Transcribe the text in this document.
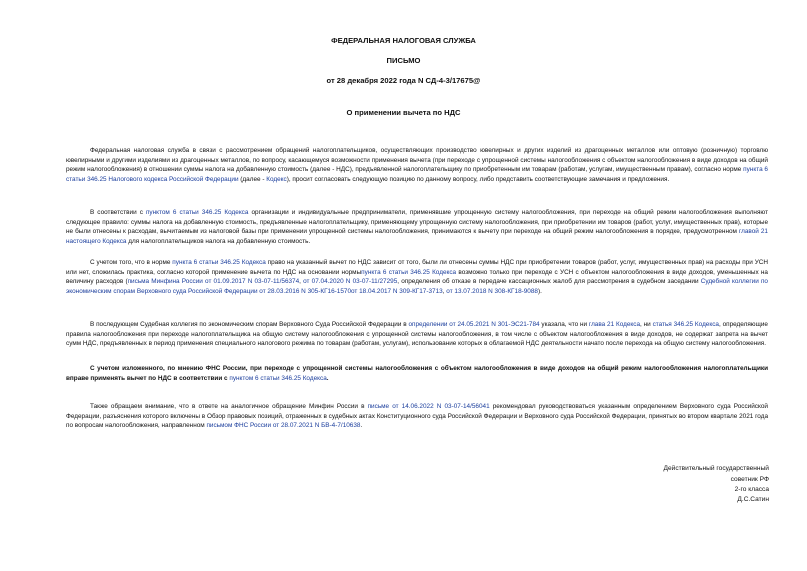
ФЕДЕРАЛЬНАЯ НАЛОГОВАЯ СЛУЖБА
ПИСЬМО
от 28 декабря 2022 года N СД-4-3/17675@
О применении вычета по НДС
Федеральная налоговая служба в связи с рассмотрением обращений налогоплательщиков, осуществляющих производство ювелирных и других изделий из драгоценных металлов или оптовую (розничную) торговлю ювелирными и другими изделиями из драгоценных металлов, по вопросу, касающемуся возможности применения вычета (при переходе с упрощенной системы налогообложения с объектом налогообложения в виде доходов на общий режим налогообложения) в отношении суммы налога на добавленную стоимость (далее - НДС), предъявленной налогоплательщику по приобретенным им товарам (работам, услугам, имущественным правам), согласно норме пункта 6 статьи 346.25 Налогового кодекса Российской Федерации (далее - Кодекс), просит согласовать следующую позицию по данному вопросу, либо представить соответствующие замечания и предложения.
В соответствии с пунктом 6 статьи 346.25 Кодекса организации и индивидуальные предприниматели, применявшие упрощенную систему налогообложения, при переходе на общий режим налогообложения выполняют следующее правило: суммы налога на добавленную стоимость, предъявленные налогоплательщику, применяющему упрощенную систему налогообложения, при приобретении им товаров (работ, услуг, имущественных прав), которые не были отнесены к расходам, вычитаемым из налоговой базы при применении упрощенной системы налогообложения, принимаются к вычету при переходе на общий режим налогообложения в порядке, предусмотренном главой 21 настоящего Кодекса для налогоплательщиков налога на добавленную стоимость.
С учетом того, что в норме пункта 6 статьи 346.25 Кодекса право на указанный вычет по НДС зависит от того, были ли отнесены суммы НДС при приобретении товаров (работ, услуг, имущественных прав) на расходы при УСН или нет, сложилась практика, согласно которой применение вычета по НДС на основании нормыпункта 6 статьи 346.25 Кодекса возможно только при переходе с УСН с объектом налогообложения в виде доходов, уменьшенных на величину расходов (письма Минфина России от 01.09.2017 N 03-07-11/56374, от 07.04.2020 N 03-07-11/27295, определения об отказе в передаче кассационных жалоб для рассмотрения в судебном заседании Судебной коллегии по экономическим спорам Верховного суда Российской Федерации от 28.03.2016 N 305-КГ16-1570от 18.04.2017 N 309-КГ17-3713, от 13.07.2018 N 308-КГ18-9088).
В последующем Судебная коллегия по экономическим спорам Верховного Суда Российской Федерации в определении от 24.05.2021 N 301-ЭС21-784 указала, что ни глава 21 Кодекса, ни статья 346.25 Кодекса, определяющие правила налогообложения при переходе налогоплательщика на общую систему налогообложения с упрощенной системы налогообложения, в том числе с объектом налогообложения в виде доходов, не содержат запрета на вычет сумм НДС, предъявленных в период применения специального налогового режима по товарам (работам, услугам), использование которых в облагаемой НДС деятельности начато после перехода на общую систему налогообложения.
С учетом изложенного, по мнению ФНС России, при переходе с упрощенной системы налогообложения с объектом налогообложения в виде доходов на общий режим налогообложения налогоплательщики вправе применять вычет по НДС в соответствии с пунктом 6 статьи 346.25 Кодекса.
Также обращаем внимание, что в ответе на аналогичное обращение Минфин России в письме от 14.06.2022 N 03-07-14/56041 рекомендовал руководствоваться указанным определением Верховного суда Российской Федерации, разъяснения которого включены в Обзор правовых позиций, отраженных в судебных актах Конституционного суда Российской Федерации и Верховного суда Российской Федерации, принятых во втором квартале 2021 года по вопросам налогообложения, направленном письмом ФНС России от 28.07.2021 N БВ-4-7/10638.
Действительный государственный
советник РФ
2-го класса
Д.С.Сатин
